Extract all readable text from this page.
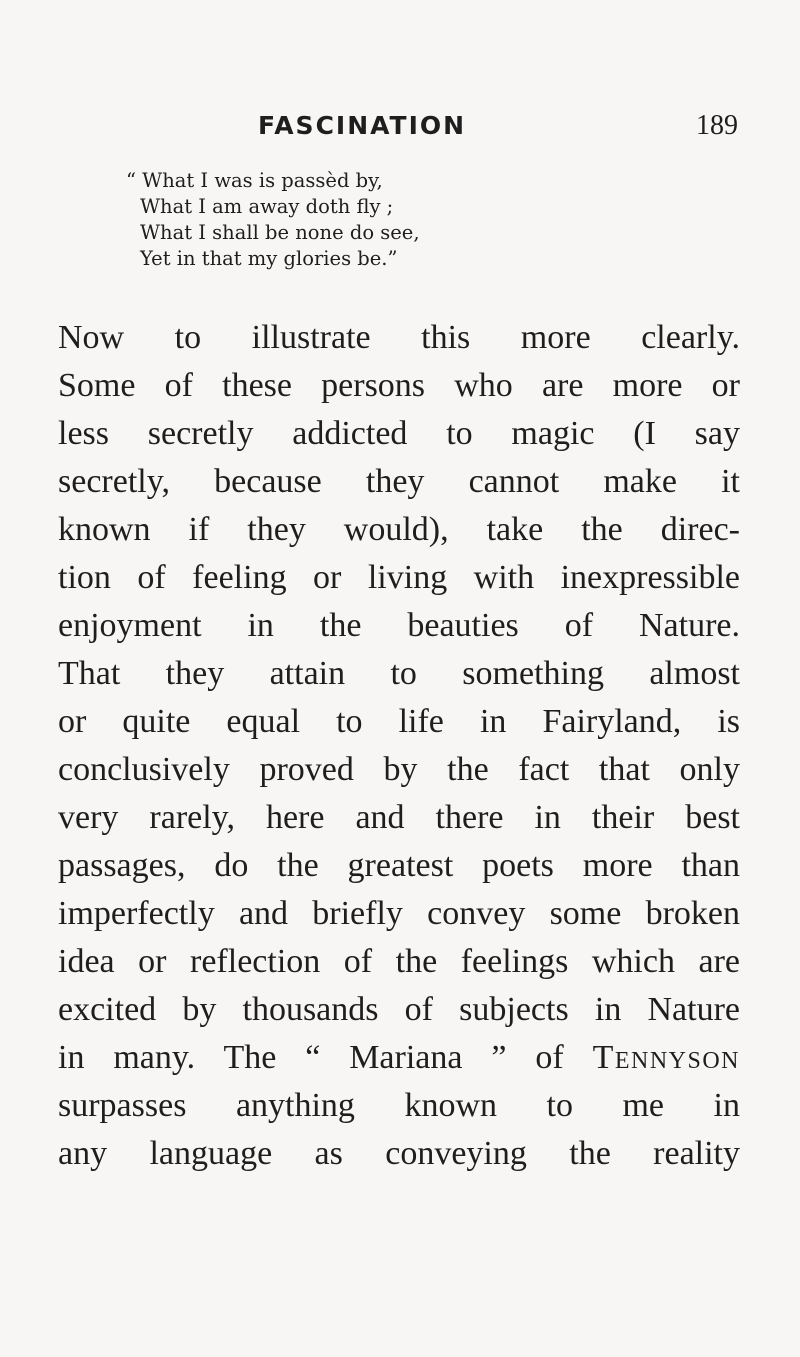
FASCINATION	189
“ What I was is passèd by,
What I am away doth fly ;
What I shall be none do see,
Yet in that my glories be.”
Now to illustrate this more clearly.
Some of these persons who are more or
less secretly addicted to magic (I say
secretly, because they cannot make it
known if they would), take the direc-
tion of feeling or living with inexpressible
enjoyment in the beauties of Nature.
That they attain to something almost
or quite equal to life in Fairyland, is
conclusively proved by the fact that only
very rarely, here and there in their best
passages, do the greatest poets more than
imperfectly and briefly convey some broken
idea or reflection of the feelings which are
excited by thousands of subjects in Nature
in many. The “ Mariana ” of Tennyson
surpasses anything known to me in
any language as conveying the reality
